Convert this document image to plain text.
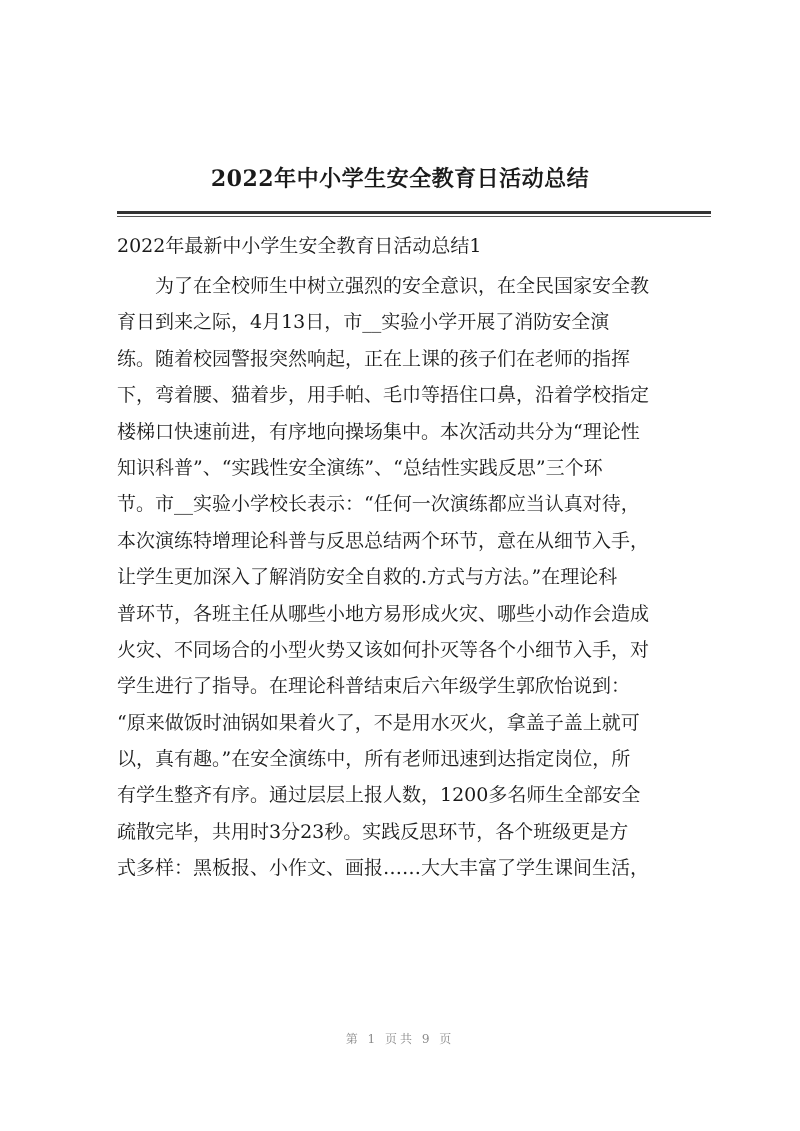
2022年中小学生安全教育日活动总结
2022年最新中小学生安全教育日活动总结1
为了在全校师生中树立强烈的安全意识，在全民国家安全教
育日到来之际，4月13日，市__实验小学开展了消防安全演
练。随着校园警报突然响起，正在上课的孩子们在老师的指挥
下，弯着腰、猫着步，用手帕、毛巾等捂住口鼻，沿着学校指定
楼梯口快速前进，有序地向操场集中。本次活动共分为“理论性
知识科普”、“实践性安全演练”、“总结性实践反思”三个环
节。市__实验小学校长表示：“任何一次演练都应当认真对待，
本次演练特增理论科普与反思总结两个环节，意在从细节入手，
让学生更加深入了解消防安全自救的.方式与方法。”在理论科
普环节，各班主任从哪些小地方易形成火灾、哪些小动作会造成
火灾、不同场合的小型火势又该如何扑灭等各个小细节入手，对
学生进行了指导。在理论科普结束后六年级学生郭欣怡说到：
“原来做饭时油锅如果着火了，不是用水灭火，拿盖子盖上就可
以，真有趣。”在安全演练中，所有老师迅速到达指定岗位，所
有学生整齐有序。通过层层上报人数，1200多名师生全部安全
疏散完毕，共用时3分23秒。实践反思环节，各个班级更是方
式多样：黑板报、小作文、画报……大大丰富了学生课间生活，
第 1 页共 9 页
